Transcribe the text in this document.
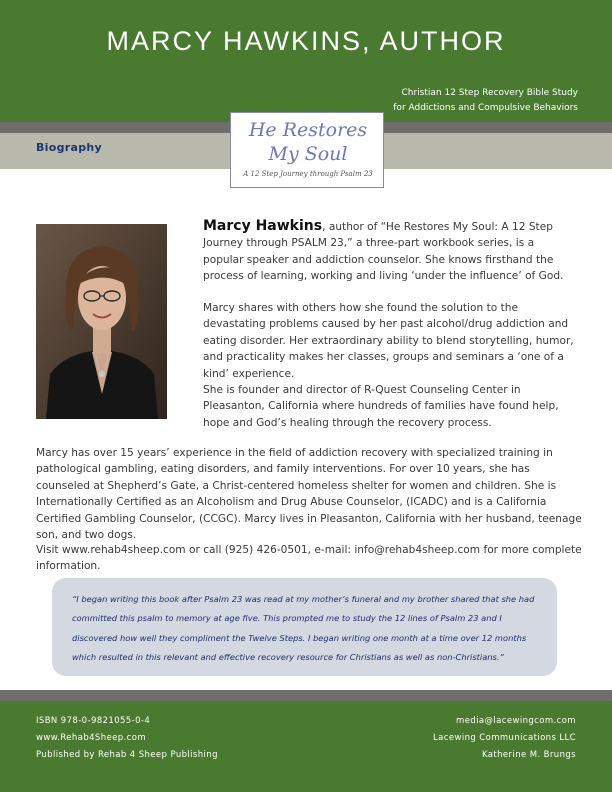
MARCY HAWKINS, AUTHOR
Christian 12 Step Recovery Bible Study
for Addictions and Compulsive Behaviors
Biography
He Restores
My Soul
A 12 Step Journey through Psalm 23

Marcy Hawkins, author of “He Restores My Soul: A 12 Step Journey through PSALM 23,” a three-part workbook series, is a popular speaker and addiction counselor. She knows firsthand the process of learning, working and living ‘under the influence’ of God.

Marcy shares with others how she found the solution to the devastating problems caused by her past alcohol/drug addiction and eating disorder. Her extraordinary ability to blend storytelling, humor, and practicality makes her classes, groups and seminars a ‘one of a kind’ experience.

She is founder and director of R-Quest Counseling Center in Pleasanton, California where hundreds of families have found help, hope and God’s healing through the recovery process.

Marcy has over 15 years’ experience in the field of addiction recovery with specialized training in pathological gambling, eating disorders, and family interventions. For over 10 years, she has counseled at Shepherd’s Gate, a Christ-centered homeless shelter for women and children. She is Internationally Certified as an Alcoholism and Drug Abuse Counselor, (ICADC) and is a California Certified Gambling Counselor, (CCGC). Marcy lives in Pleasanton, California with her husband, teenage son, and two dogs.

Visit www.rehab4sheep.com or call (925) 426-0501, e-mail: info@rehab4sheep.com for more complete information.

“I began writing this book after Psalm 23 was read at my mother’s funeral and my brother shared that she had committed this psalm to memory at age five. This prompted me to study the 12 lines of Psalm 23 and I discovered how well they compliment the Twelve Steps. I began writing one month at a time over 12 months which resulted in this relevant and effective recovery resource for Christians as well as non-Christians.”
ISBN 978-0-9821055-0-4
www.Rehab4Sheep.com
Published by Rehab 4 Sheep Publishing
media@lacewingcom.com
Lacewing Communications LLC
Katherine M. Brungs
